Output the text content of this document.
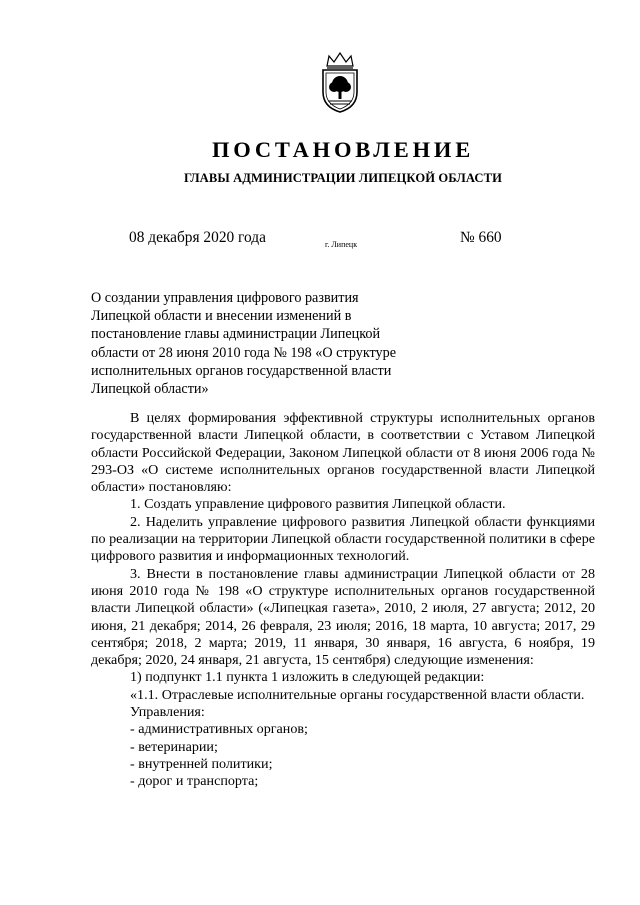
ПОСТАНОВЛЕНИЕ
ГЛАВЫ АДМИНИСТРАЦИИ ЛИПЕЦКОЙ ОБЛАСТИ
08 декабря 2020 года	г. Липецк	№ 660
О создании управления цифрового развития
Липецкой области и внесении изменений в
постановление главы администрации Липецкой
области от 28 июня 2010 года № 198 «О структуре
исполнительных органов государственной власти
Липецкой области»

В целях формирования эффективной структуры исполнительных органов государственной власти Липецкой области, в соответствии с Уставом Липецкой области Российской Федерации, Законом Липецкой области от 8 июня 2006 года № 293-ОЗ «О системе исполнительных органов государственной власти Липецкой области» постановляю:

1. Создать управление цифрового развития Липецкой области.

2. Наделить управление цифрового развития Липецкой области функциями по реализации на территории Липецкой области государственной политики в сфере цифрового развития и информационных технологий.

3. Внести в постановление главы администрации Липецкой области от 28 июня 2010 года № 198 «О структуре исполнительных органов государственной власти Липецкой области» («Липецкая газета», 2010, 2 июля, 27 августа; 2012, 20 июня, 21 декабря; 2014, 26 февраля, 23 июля; 2016, 18 марта, 10 августа; 2017, 29 сентября; 2018, 2 марта; 2019, 11 января, 30 января, 16 августа, 6 ноября, 19 декабря; 2020, 24 января, 21 августа, 15 сентября) следующие изменения:

1) подпункт 1.1 пункта 1 изложить в следующей редакции:

«1.1. Отраслевые исполнительные органы государственной власти области.

Управления:

- административных органов;

- ветеринарии;

- внутренней политики;

- дорог и транспорта;
